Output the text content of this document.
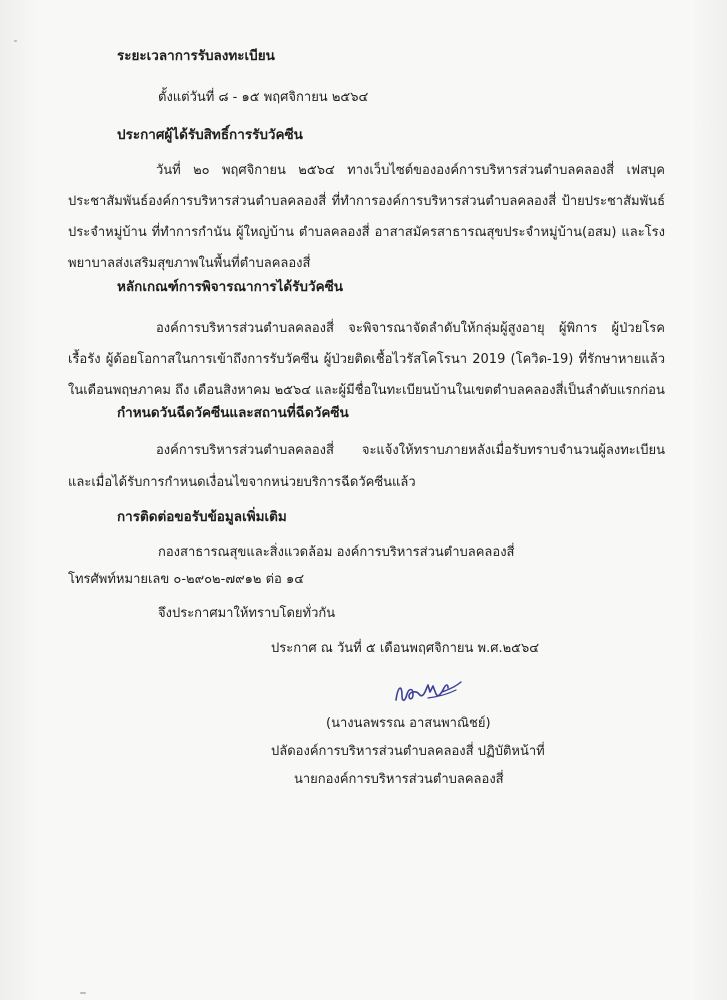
ระยะเวลาการรับลงทะเบียน
ตั้งแต่วันที่ ๘ - ๑๕ พฤศจิกายน ๒๕๖๔
ประกาศผู้ได้รับสิทธิ์การรับวัคซีน
วันที่ ๒๐ พฤศจิกายน ๒๕๖๔ ทางเว็บไซต์ขององค์การบริหารส่วนตำบลคลองสี่ เฟสบุค ประชาสัมพันธ์องค์การบริหารส่วนตำบลคลองสี่ ที่ทำการองค์การบริหารส่วนตำบลคลองสี่ ป้ายประชาสัมพันธ์ประจำหมู่บ้าน ที่ทำการกำนัน ผู้ใหญ่บ้าน ตำบลคลองสี่ อาสาสมัครสาธารณสุขประจำหมู่บ้าน(อสม) และโรงพยาบาลส่งเสริมสุขภาพในพื้นที่ตำบลคลองสี่
หลักเกณฑ์การพิจารณาการได้รับวัคซีน
องค์การบริหารส่วนตำบลคลองสี่ จะพิจารณาจัดลำดับให้กลุ่มผู้สูงอายุ ผู้พิการ ผู้ป่วยโรคเรื้อรัง ผู้ด้อยโอกาสในการเข้าถึงการรับวัคซีน ผู้ป่วยติดเชื้อไวรัสโคโรนา 2019 (โควิด-19) ที่รักษาหายแล้วในเดือนพฤษภาคม ถึง เดือนสิงหาคม ๒๕๖๔ และผู้มีชื่อในทะเบียนบ้านในเขตตำบลคลองสี่เป็นลำดับแรกก่อน
กำหนดวันฉีดวัคซีนและสถานที่ฉีดวัคซีน
องค์การบริหารส่วนตำบลคลองสี่ จะแจ้งให้ทราบภายหลังเมื่อรับทราบจำนวนผู้ลงทะเบียน และเมื่อได้รับการกำหนดเงื่อนไขจากหน่วยบริการฉีดวัคซีนแล้ว
การติดต่อขอรับข้อมูลเพิ่มเติม
กองสาธารณสุขและสิ่งแวดล้อม องค์การบริหารส่วนตำบลคลองสี่
โทรศัพท์หมายเลข ๐-๒๙๐๒-๗๙๑๒ ต่อ ๑๔
จึงประกาศมาให้ทราบโดยทั่วกัน
ประกาศ ณ วันที่ ๕ เดือนพฤศจิกายน พ.ศ.๒๕๖๔
(นางนลพรรณ อาสนพาณิชย์)
ปลัดองค์การบริหารส่วนตำบลคลองสี่ ปฏิบัติหน้าที่
นายกองค์การบริหารส่วนตำบลคลองสี่
